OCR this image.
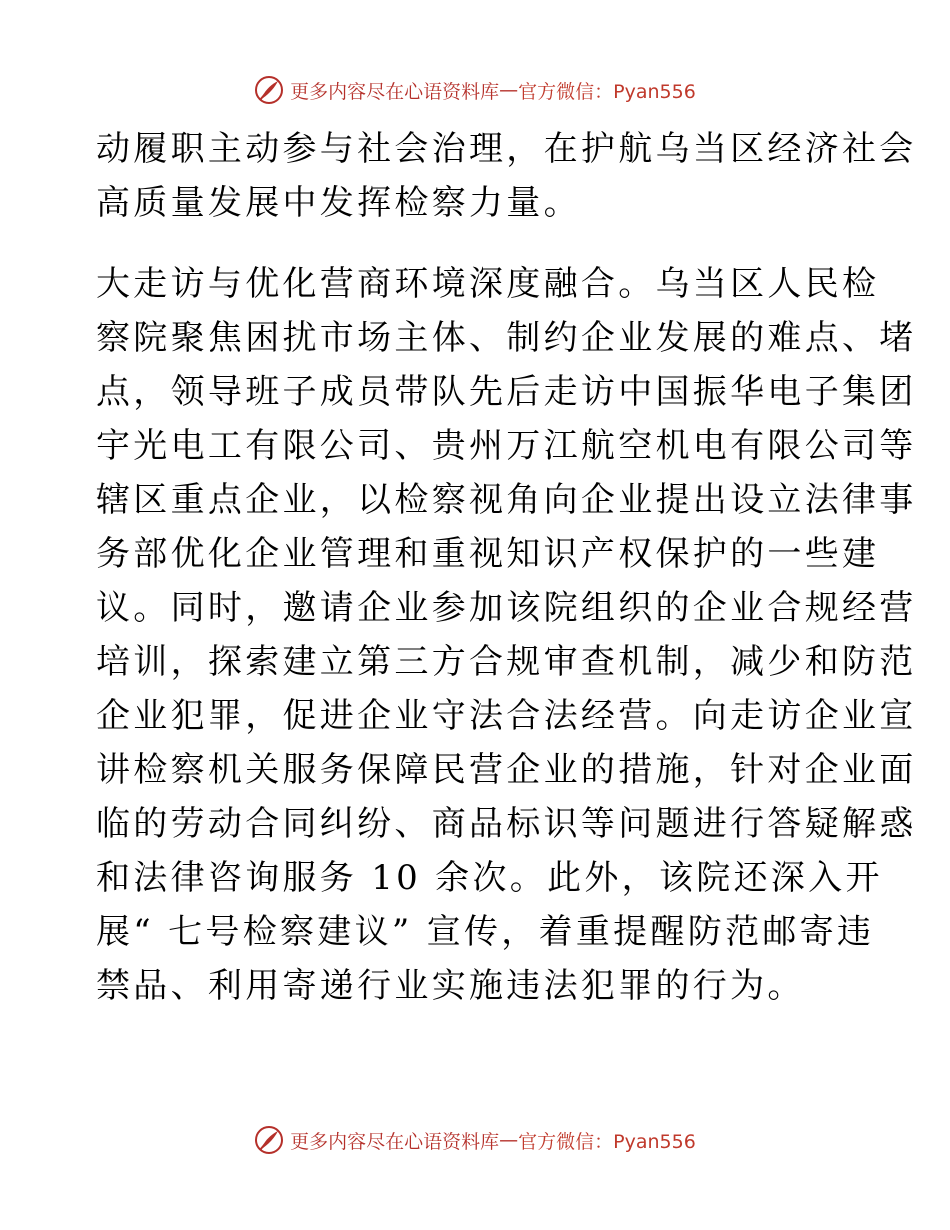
更多内容尽在心语资料库 — 官方微信：Pyan556
动履职主动参与社会治理，在护航乌当区经济社会
高质量发展中发挥检察力量。
大走访与优化营商环境深度融合。乌当区人民检
察院聚焦困扰市场主体、制约企业发展的难点、堵
点，领导班子成员带队先后走访中国振华电子集团
宇光电工有限公司、贵州万江航空机电有限公司等
辖区重点企业，以检察视角向企业提出设立法律事
务部优化企业管理和重视知识产权保护的一些建
议。同时，邀请企业参加该院组织的企业合规经营
培训，探索建立第三方合规审查机制，减少和防范
企业犯罪，促进企业守法合法经营。向走访企业宣
讲检察机关服务保障民营企业的措施，针对企业面
临的劳动合同纠纷、商品标识等问题进行答疑解惑
和法律咨询服务 10 余次。此外，该院还深入开
展“ 七号检察建议” 宣传，着重提醒防范邮寄违
禁品、利用寄递行业实施违法犯罪的行为。
更多内容尽在心语资料库 — 官方微信：Pyan556
